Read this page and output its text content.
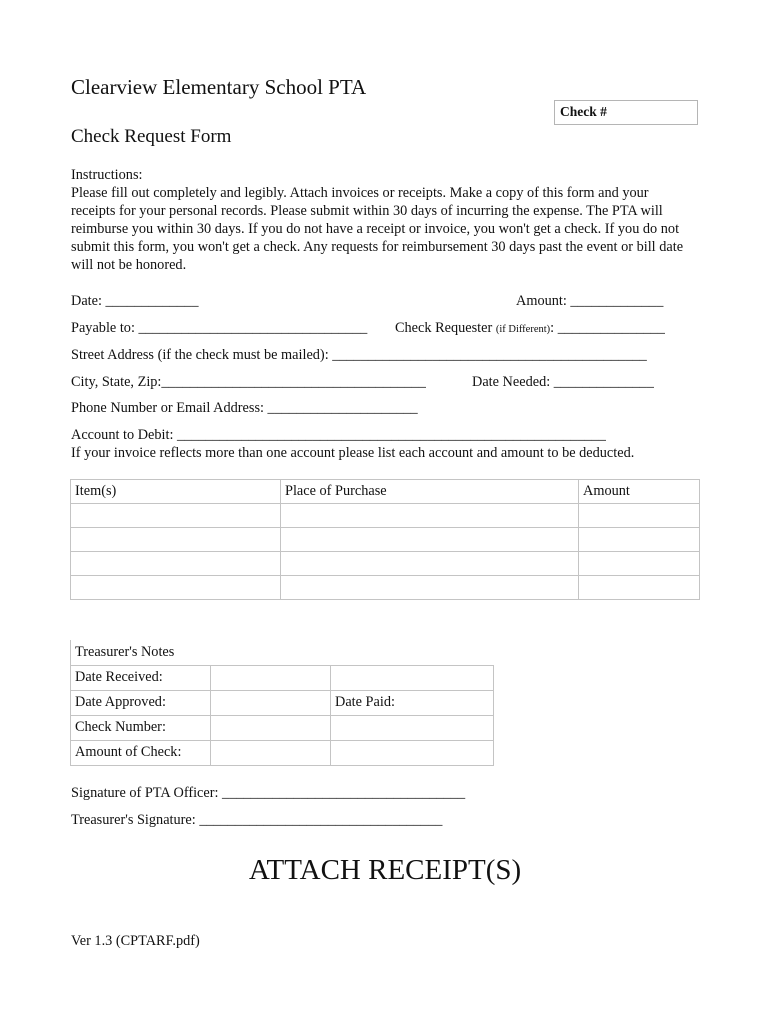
Clearview Elementary School PTA
Check #
Check Request Form
Instructions:
Please fill out completely and legibly. Attach invoices or receipts. Make a copy of this form and your receipts for your personal records. Please submit within 30 days of incurring the expense. The PTA will reimburse you within 30 days. If you do not have a receipt or invoice, you won't get a check. If you do not submit this form, you won't get a check. Any requests for reimbursement 30 days past the event or bill date will not be honored.
Date: _____________	Amount: _____________
Payable to: ________________________________ Check Requester (if Different): _______________
Street Address (if the check must be mailed): ____________________________________________
City, State, Zip:_____________________________________	Date Needed: ______________
Phone Number or Email Address: _____________________
Account to Debit: ____________________________________________________________
If your invoice reflects more than one account please list each account and amount to be deducted.
Item(s)	Place of Purchase	Amount

Treasurer's Notes		
Date Received:		
Date Approved:		Date Paid:
Check Number:		
Amount of Check:		
Signature of PTA Officer: __________________________________
Treasurer's Signature: __________________________________
ATTACH RECEIPT(S)
Ver 1.3 (CPTARF.pdf)
